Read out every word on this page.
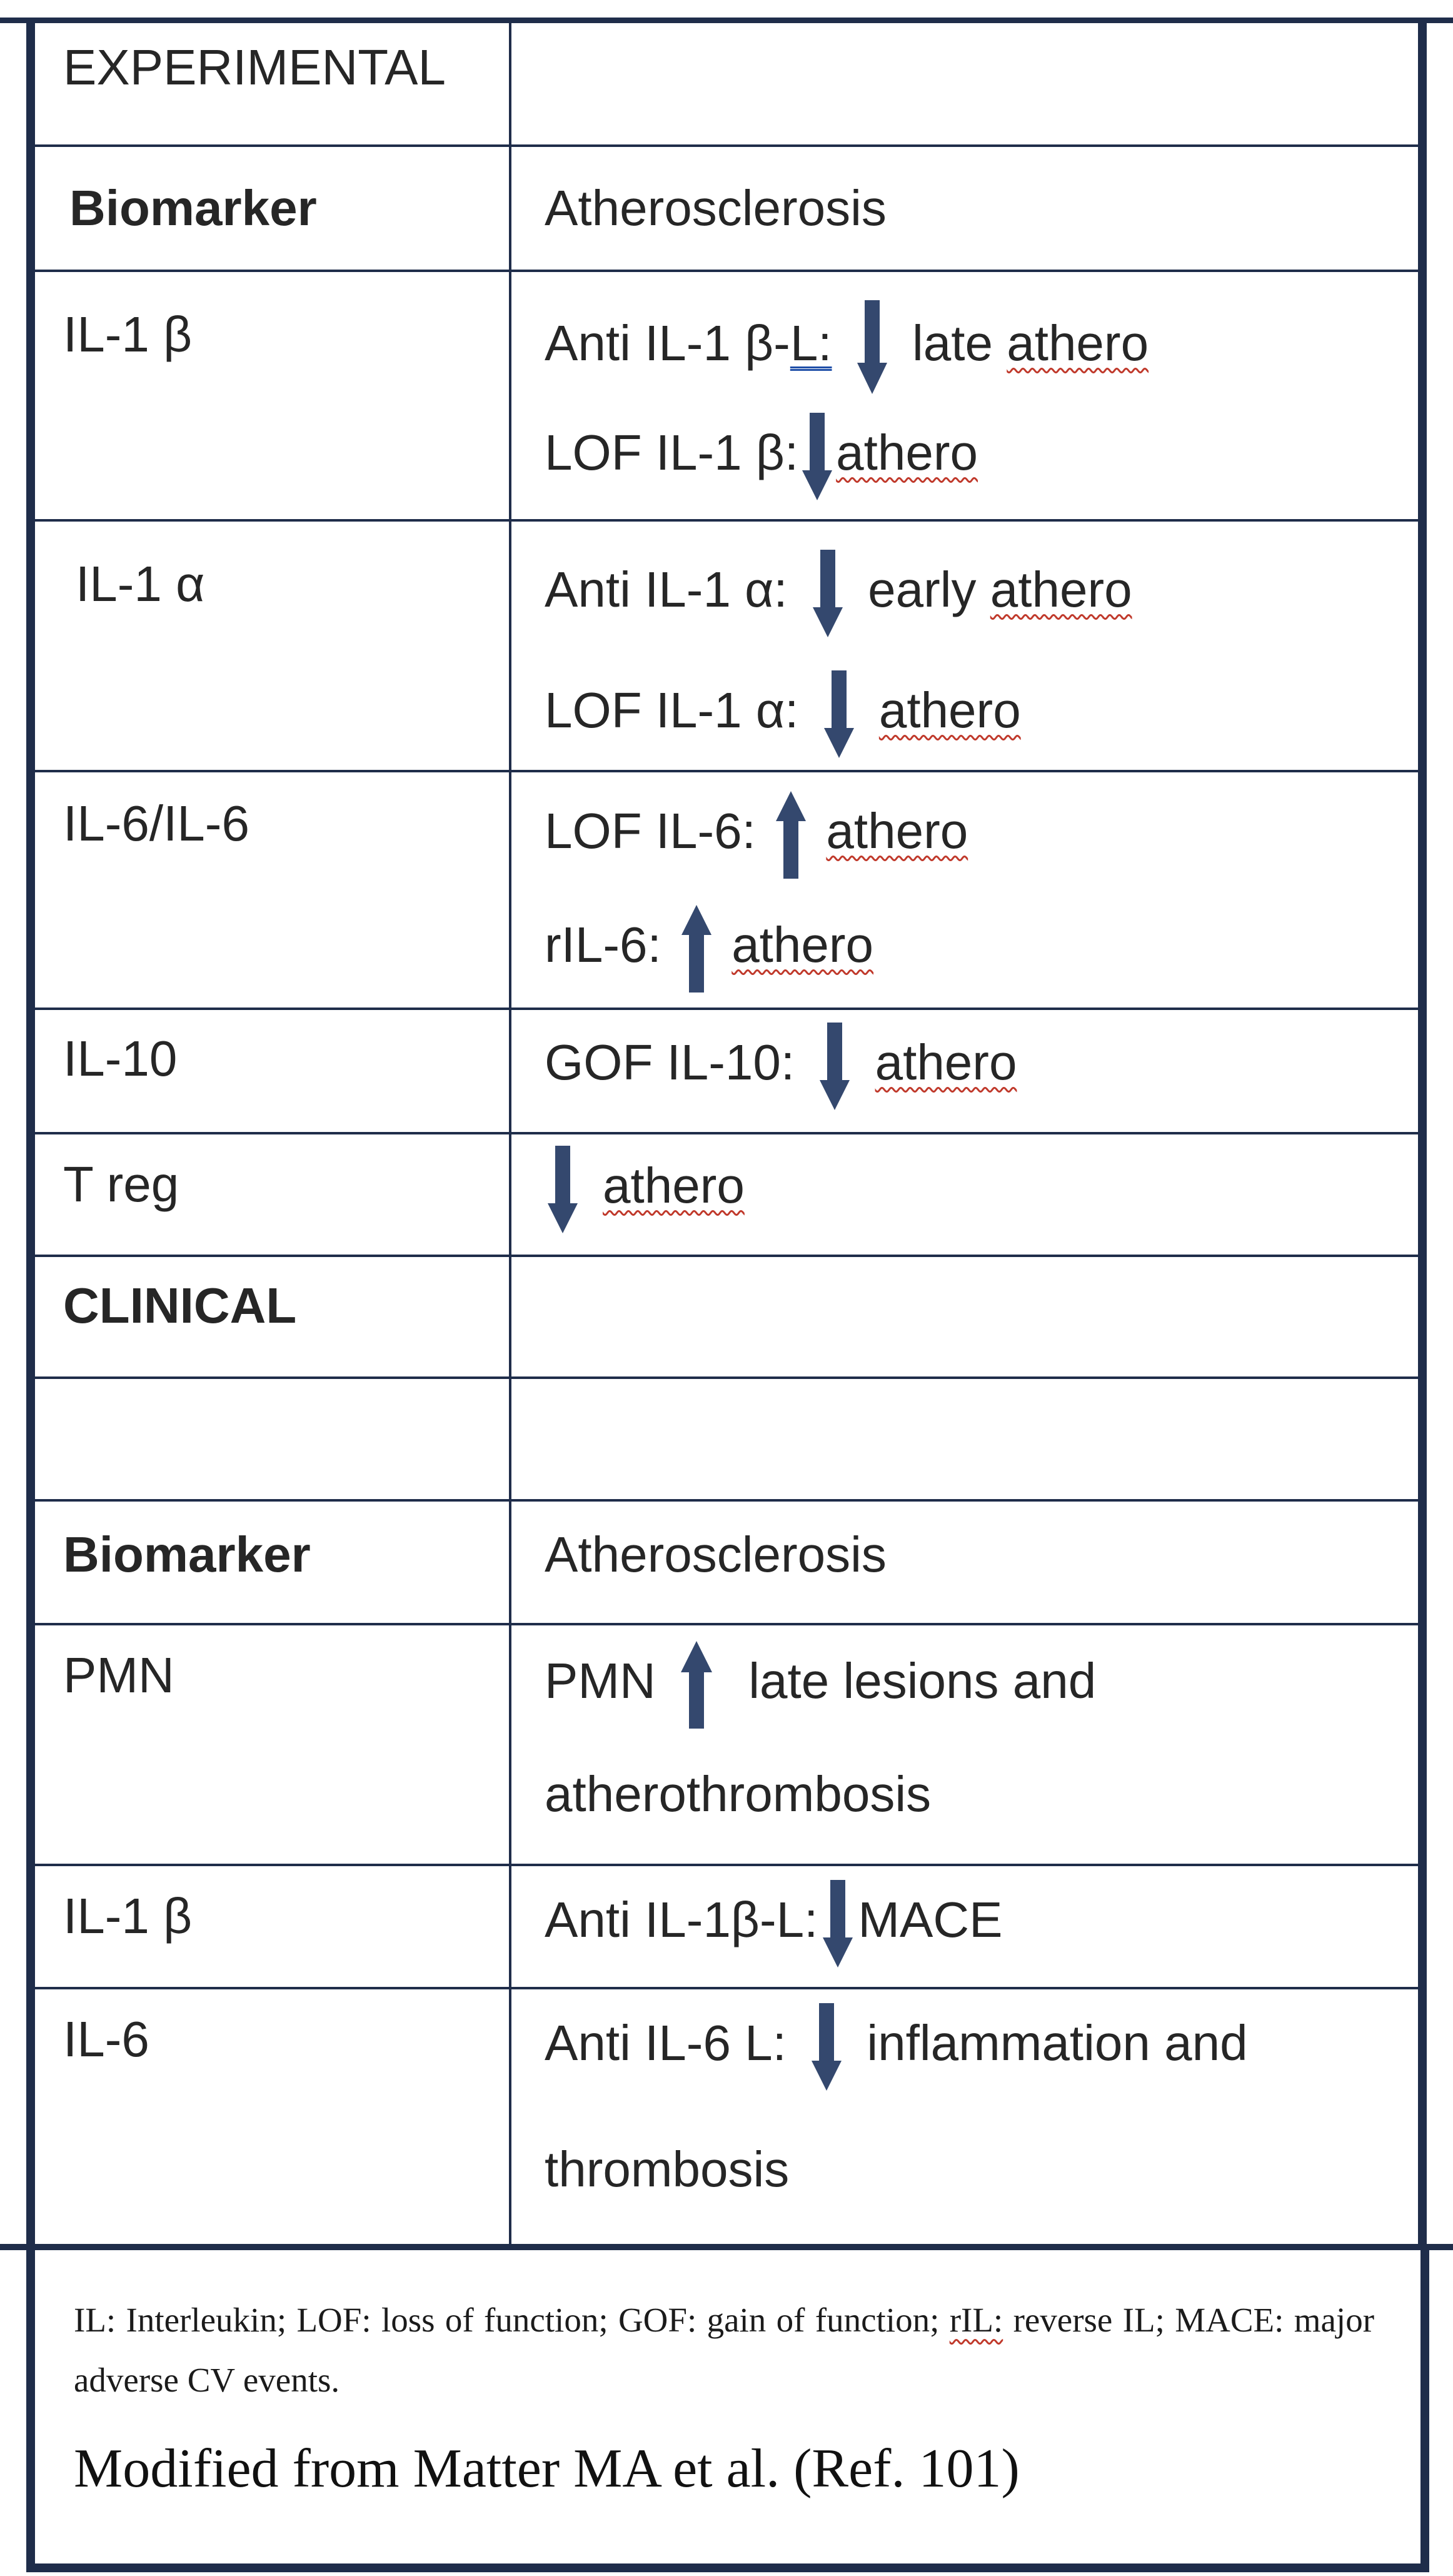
EXPERIMENTAL
Biomarker	Atherosclerosis
IL-1 β	Anti IL-1 β-L: late athero
LOF IL-1 β: athero
IL-1 α	Anti IL-1 α: early athero
LOF IL-1 α: athero
IL-6/IL-6	LOF IL-6: athero
rIL-6: athero
IL-10	GOF IL-10: athero
T reg	athero
CLINICAL
Biomarker	Atherosclerosis
PMN	PMN late lesions and
atherothrombosis
IL-1 β	Anti IL-1β-L: MACE
IL-6	Anti IL-6 L: inflammation and
thrombosis
IL: Interleukin; LOF: loss of function; GOF: gain of function; rIL: reverse IL; MACE: major adverse CV events.
Modified from Matter MA et al. (Ref. 101)
